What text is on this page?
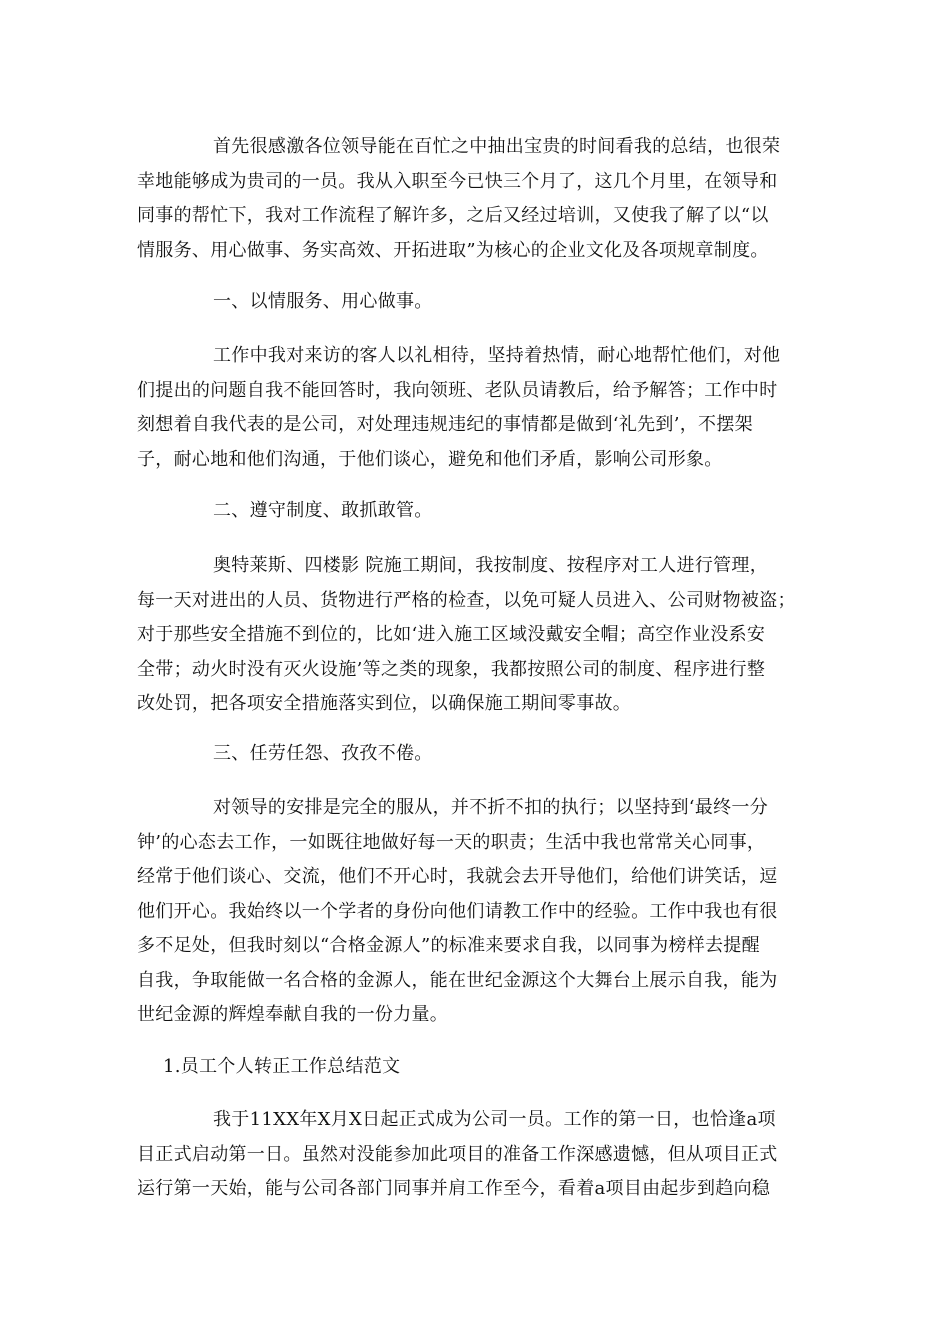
首先很感激各位领导能在百忙之中抽出宝贵的时间看我的总结，也很荣
幸地能够成为贵司的一员。我从入职至今已快三个月了，这几个月里，在领导和
同事的帮忙下，我对工作流程了解许多，之后又经过培训，又使我了解了以“以
情服务、用心做事、务实高效、开拓进取”为核心的企业文化及各项规章制度。
一、以情服务、用心做事。
工作中我对来访的客人以礼相待，坚持着热情，耐心地帮忙他们，对他
们提出的问题自我不能回答时，我向领班、老队员请教后，给予解答；工作中时
刻想着自我代表的是公司，对处理违规违纪的事情都是做到‘礼先到’，不摆架
子，耐心地和他们沟通，于他们谈心，避免和他们矛盾，影响公司形象。
二、遵守制度、敢抓敢管。
奥特莱斯、四楼影 院施工期间，我按制度、按程序对工人进行管理，
每一天对进出的人员、货物进行严格的检查，以免可疑人员进入、公司财物被盗；
对于那些安全措施不到位的，比如‘进入施工区域没戴安全帽；高空作业没系安
全带；动火时没有灭火设施’等之类的现象，我都按照公司的制度、程序进行整
改处罚，把各项安全措施落实到位，以确保施工期间零事故。
三、任劳任怨、孜孜不倦。
对领导的安排是完全的服从，并不折不扣的执行；以坚持到‘最终一分
钟’的心态去工作，一如既往地做好每一天的职责；生活中我也常常关心同事，
经常于他们谈心、交流，他们不开心时，我就会去开导他们，给他们讲笑话，逗
他们开心。我始终以一个学者的身份向他们请教工作中的经验。工作中我也有很
多不足处，但我时刻以“合格金源人”的标准来要求自我，以同事为榜样去提醒
自我，争取能做一名合格的金源人，能在世纪金源这个大舞台上展示自我，能为
世纪金源的辉煌奉献自我的一份力量。
1.员工个人转正工作总结范文
我于11XX年X月X日起正式成为公司一员。工作的第一日，也恰逢a项
目正式启动第一日。虽然对没能参加此项目的准备工作深感遗憾，但从项目正式
运行第一天始，能与公司各部门同事并肩工作至今，看着a项目由起步到趋向稳
